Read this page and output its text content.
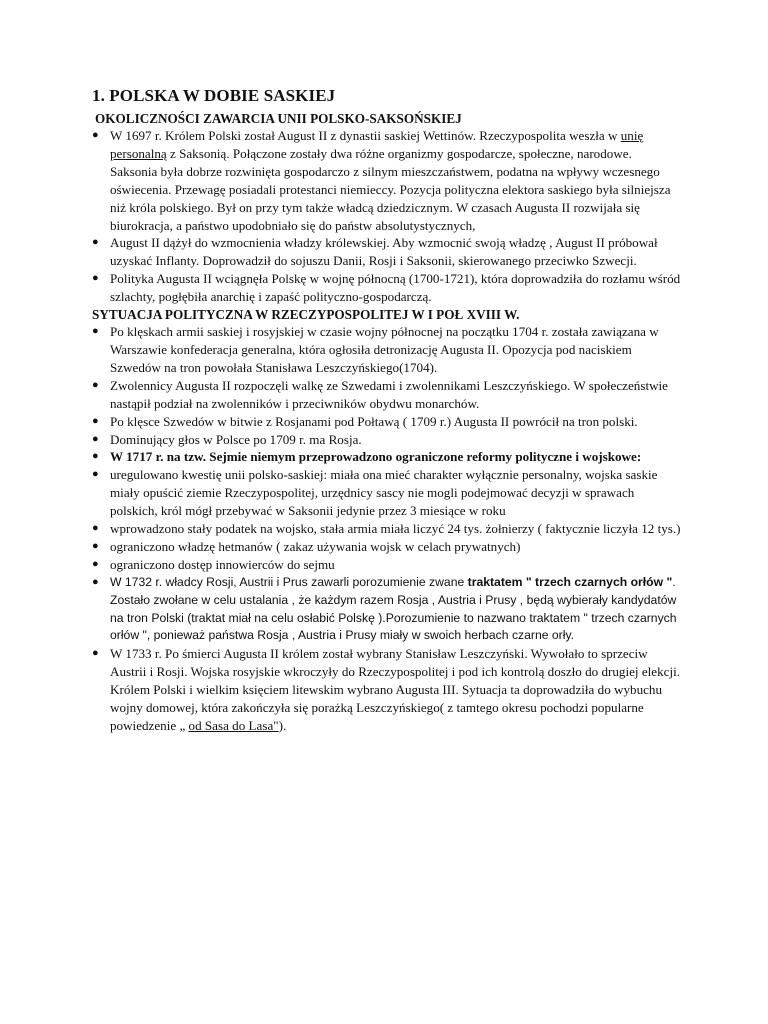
1. POLSKA W DOBIE SASKIEJ
OKOLICZNOŚCI ZAWARCIA UNII POLSKO-SAKSOŃSKIEJ
● W 1697 r. Królem Polski został August II z dynastii saskiej Wettinów. Rzeczypospolita weszła w unię personalną z Saksonią. Połączone zostały dwa różne organizmy gospodarcze, społeczne, narodowe. Saksonia była dobrze rozwinięta gospodarczo z silnym mieszczaństwem, podatna na wpływy wczesnego oświecenia. Przewagę posiadali protestanci niemieccy. Pozycja polityczna elektora saskiego była silniejsza niż króla polskiego. Był on przy tym także władcą dziedzicznym. W czasach Augusta II rozwijała się biurokracja, a państwo upodobniało się do państw absolutystycznych,
● August II dążył do wzmocnienia władzy królewskiej. Aby wzmocnić swoją władzę , August II próbował uzyskać Inflanty. Doprowadził do sojuszu Danii, Rosji i Saksonii, skierowanego przeciwko Szwecji.
● Polityka Augusta II wciągnęła Polskę w wojnę północną (1700-1721), która doprowadziła do rozłamu wśród szlachty, pogłębiła anarchię i zapaść polityczno-gospodarczą.
SYTUACJA POLITYCZNA W RZECZYPOSPOLITEJ W I POŁ XVIII W.
● Po klęskach armii saskiej i rosyjskiej w czasie wojny północnej na początku 1704 r. została zawiązana w Warszawie konfederacja generalna, która ogłosiła detronizację Augusta II. Opozycja pod naciskiem Szwedów na tron powołała Stanisława Leszczyńskiego(1704).
● Zwolennicy Augusta II rozpoczęli walkę ze Szwedami i zwolennikami Leszczyńskiego. W społeczeństwie nastąpił podział na zwolenników i przeciwników obydwu monarchów.
● Po klęsce Szwedów w bitwie z Rosjanami pod Połtawą ( 1709 r.) Augusta II powrócił na tron polski.
● Dominujący głos w Polsce po 1709 r. ma Rosja.
● W 1717 r. na tzw. Sejmie niemym przeprowadzono ograniczone reformy polityczne i wojskowe:
● uregulowano kwestię unii polsko-saskiej: miała ona mieć charakter wyłącznie personalny, wojska saskie miały opuścić ziemie Rzeczypospolitej, urzędnicy sascy nie mogli podejmować decyzji w sprawach polskich, król mógł przebywać w Saksonii jedynie przez 3 miesiące w roku
● wprowadzono stały podatek na wojsko, stała armia miała liczyć 24 tys. żołnierzy ( faktycznie liczyła 12 tys.)
● ograniczono władzę hetmanów ( zakaz używania wojsk w celach prywatnych)
● ograniczono dostęp innowierców do sejmu
● W 1732 r. władcy Rosji, Austrii i Prus zawarli porozumienie zwane traktatem " trzech czarnych orłów ". Zostało zwołane w celu ustalania , że każdym razem Rosja , Austria i Prusy , będą wybierały kandydatów na tron Polski (traktat miał na celu osłabić Polskę ).Porozumienie to nazwano traktatem " trzech czarnych orłów ", ponieważ państwa Rosja , Austria i Prusy miały w swoich herbach czarne orły.
● W 1733 r. Po śmierci Augusta II królem został wybrany Stanisław Leszczyński. Wywołało to sprzeciw Austrii i Rosji. Wojska rosyjskie wkroczyły do Rzeczypospolitej i pod ich kontrolą doszło do drugiej elekcji. Królem Polski i wielkim księciem litewskim wybrano Augusta III. Sytuacja ta doprowadziła do wybuchu wojny domowej, która zakończyła się porażką Leszczyńskiego( z tamtego okresu pochodzi popularne powiedzenie „ od Sasa do Lasa").
